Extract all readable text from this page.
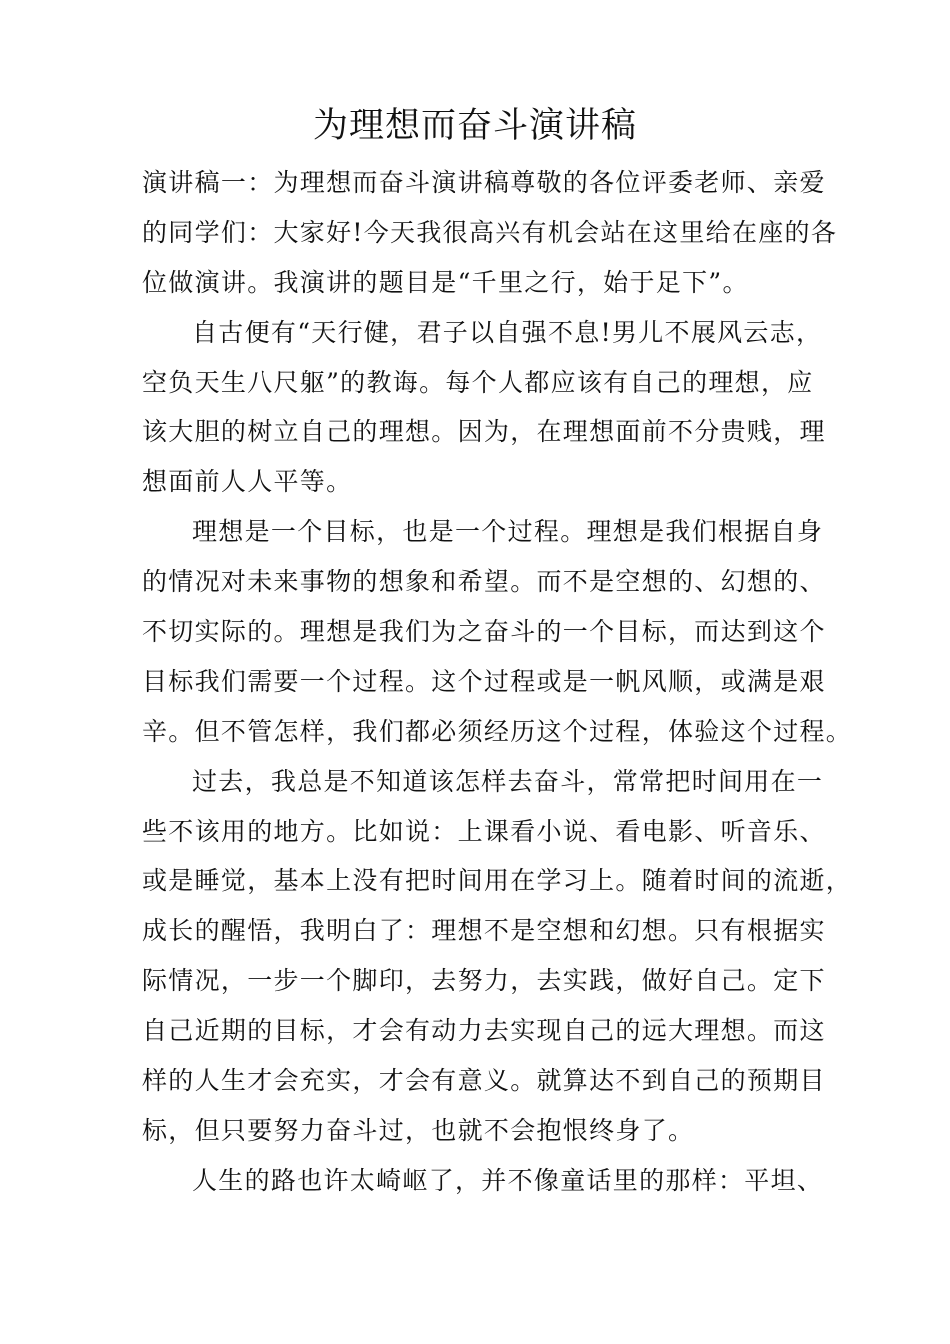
为理想而奋斗演讲稿
演讲稿一：为理想而奋斗演讲稿尊敬的各位评委老师、亲爱
的同学们：大家好!今天我很高兴有机会站在这里给在座的各
位做演讲。我演讲的题目是“千里之行，始于足下”。
自古便有“天行健，君子以自强不息!男儿不展风云志，
空负天生八尺躯”的教诲。每个人都应该有自己的理想，应
该大胆的树立自己的理想。因为，在理想面前不分贵贱，理
想面前人人平等。
理想是一个目标，也是一个过程。理想是我们根据自身
的情况对未来事物的想象和希望。而不是空想的、幻想的、
不切实际的。理想是我们为之奋斗的一个目标，而达到这个
目标我们需要一个过程。这个过程或是一帆风顺，或满是艰
辛。但不管怎样，我们都必须经历这个过程，体验这个过程。
过去，我总是不知道该怎样去奋斗，常常把时间用在一
些不该用的地方。比如说：上课看小说、看电影、听音乐、
或是睡觉，基本上没有把时间用在学习上。随着时间的流逝，
成长的醒悟，我明白了：理想不是空想和幻想。只有根据实
际情况，一步一个脚印，去努力，去实践，做好自己。定下
自己近期的目标，才会有动力去实现自己的远大理想。而这
样的人生才会充实，才会有意义。就算达不到自己的预期目
标，但只要努力奋斗过，也就不会抱恨终身了。
人生的路也许太崎岖了，并不像童话里的那样：平坦、
